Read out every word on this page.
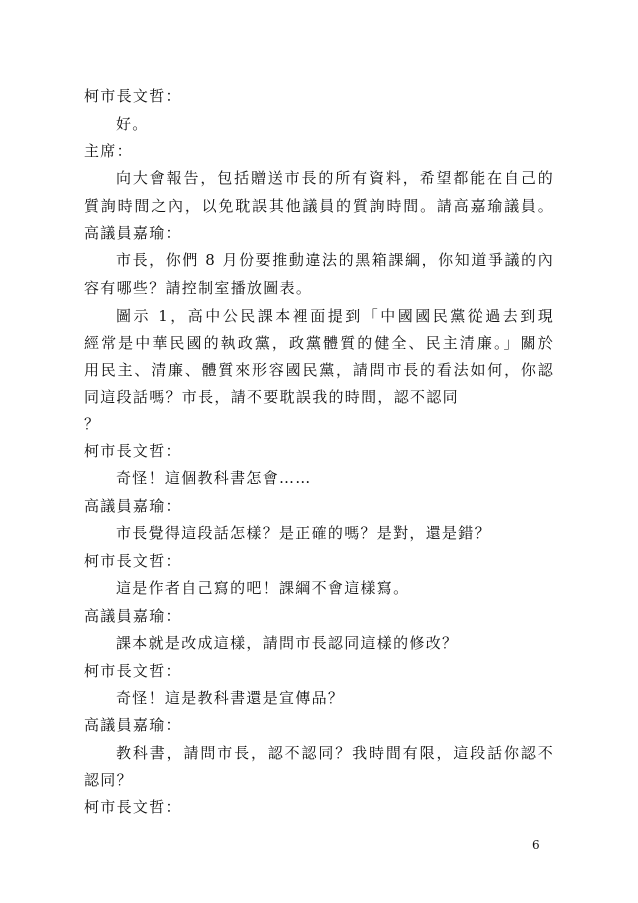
柯市長文哲：
好。
主席：
向大會報告，包括贈送市長的所有資料，希望都能在自己的
質詢時間之內，以免耽誤其他議員的質詢時間。請高嘉瑜議員。
高議員嘉瑜：
市長，你們 8 月份要推動違法的黑箱課綱，你知道爭議的內
容有哪些？請控制室播放圖表。
圖示 1，高中公民課本裡面提到「中國國民黨從過去到現
經常是中華民國的執政黨，政黨體質的健全、民主清廉。」關於
用民主、清廉、體質來形容國民黨，請問市長的看法如何，你認
同這段話嗎？市長，請不要耽誤我的時間，認不認同
？
柯市長文哲：
奇怪！這個教科書怎會……
高議員嘉瑜：
市長覺得這段話怎樣？是正確的嗎？是對，還是錯？
柯市長文哲：
這是作者自己寫的吧！課綱不會這樣寫。
高議員嘉瑜：
課本就是改成這樣，請問市長認同這樣的修改？
柯市長文哲：
奇怪！這是教科書還是宣傳品？
高議員嘉瑜：
教科書，請問市長，認不認同？我時間有限，這段話你認不
認同？
柯市長文哲：
6
